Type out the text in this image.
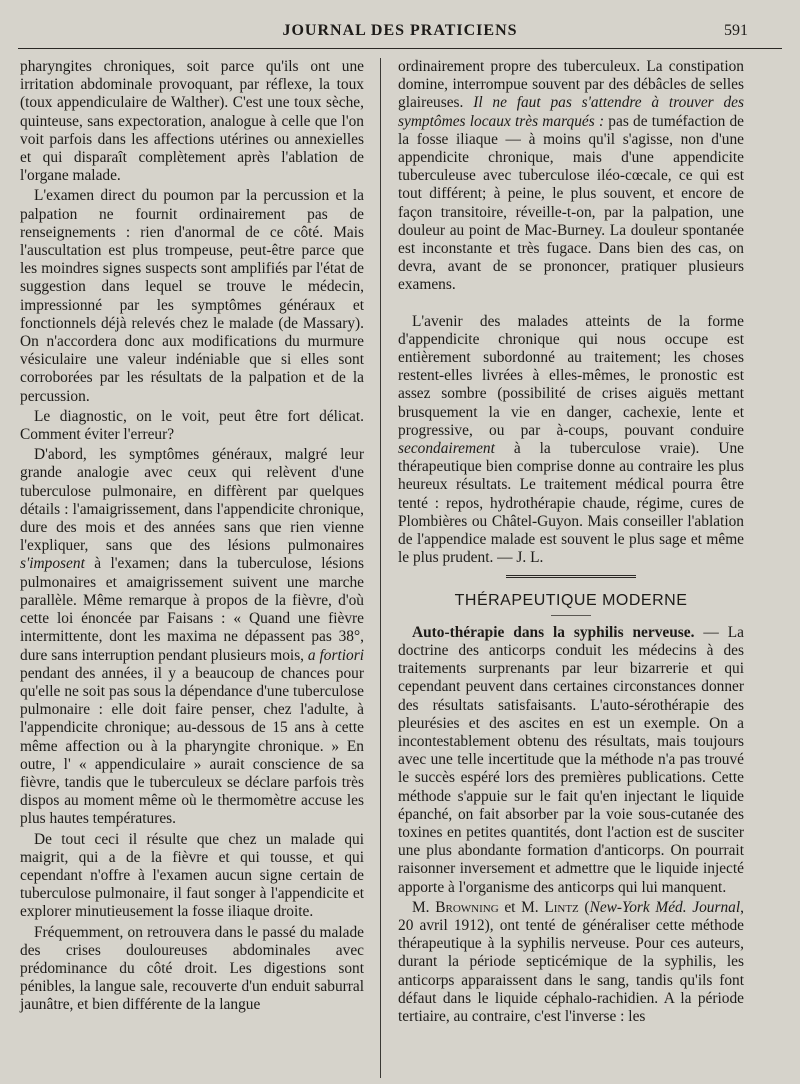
JOURNAL DES PRATICIENS	591

pharyngites chroniques, soit parce qu'ils ont une irritation abdominale provoquant, par réflexe, la toux (toux appendiculaire de Walther). C'est une toux sèche, quinteuse, sans expectoration, analogue à celle que l'on voit parfois dans les affections utérines ou annexielles et qui disparaît complètement après l'ablation de l'organe malade.

L'examen direct du poumon par la percussion et la palpation ne fournit ordinairement pas de renseignements : rien d'anormal de ce côté. Mais l'auscultation est plus trompeuse, peut-être parce que les moindres signes suspects sont amplifiés par l'état de suggestion dans lequel se trouve le médecin, impressionné par les symptômes généraux et fonctionnels déjà relevés chez le malade (de Massary). On n'accordera donc aux modifications du murmure vésiculaire une valeur indéniable que si elles sont corroborées par les résultats de la palpation et de la percussion.

Le diagnostic, on le voit, peut être fort délicat. Comment éviter l'erreur?

D'abord, les symptômes généraux, malgré leur grande analogie avec ceux qui relèvent d'une tuberculose pulmonaire, en diffèrent par quelques détails : l'amaigrissement, dans l'appendicite chronique, dure des mois et des années sans que rien vienne l'expliquer, sans que des lésions pulmonaires s'imposent à l'examen; dans la tuberculose, lésions pulmonaires et amaigrissement suivent une marche parallèle. Même remarque à propos de la fièvre, d'où cette loi énoncée par Faisans : « Quand une fièvre intermittente, dont les maxima ne dépassent pas 38°, dure sans interruption pendant plusieurs mois, a fortiori pendant des années, il y a beaucoup de chances pour qu'elle ne soit pas sous la dépendance d'une tuberculose pulmonaire : elle doit faire penser, chez l'adulte, à l'appendicite chronique; au-dessous de 15 ans à cette même affection ou à la pharyngite chronique. » En outre, l' « appendiculaire » aurait conscience de sa fièvre, tandis que le tuberculeux se déclare parfois très dispos au moment même où le thermomètre accuse les plus hautes températures.

De tout ceci il résulte que chez un malade qui maigrit, qui a de la fièvre et qui tousse, et qui cependant n'offre à l'examen aucun signe certain de tuberculose pulmonaire, il faut songer à l'appendicite et explorer minutieusement la fosse iliaque droite.

Fréquemment, on retrouvera dans le passé du malade des crises douloureuses abdominales avec prédominance du côté droit. Les digestions sont pénibles, la langue sale, recouverte d'un enduit saburral jaunâtre, et bien différente de la langue

ordinairement propre des tuberculeux. La constipation domine, interrompue souvent par des débâcles de selles glaireuses. Il ne faut pas s'attendre à trouver des symptômes locaux très marqués : pas de tuméfaction de la fosse iliaque — à moins qu'il s'agisse, non d'une appendicite chronique, mais d'une appendicite tuberculeuse avec tuberculose iléo-cœcale, ce qui est tout différent; à peine, le plus souvent, et encore de façon transitoire, réveille-t-on, par la palpation, une douleur au point de Mac-Burney. La douleur spontanée est inconstante et très fugace. Dans bien des cas, on devra, avant de se prononcer, pratiquer plusieurs examens.

L'avenir des malades atteints de la forme d'appendicite chronique qui nous occupe est entièrement subordonné au traitement; les choses restent-elles livrées à elles-mêmes, le pronostic est assez sombre (possibilité de crises aiguës mettant brusquement la vie en danger, cachexie, lente et progressive, ou par à-coups, pouvant conduire secondairement à la tuberculose vraie). Une thérapeutique bien comprise donne au contraire les plus heureux résultats. Le traitement médical pourra être tenté : repos, hydrothérapie chaude, régime, cures de Plombières ou Châtel-Guyon. Mais conseiller l'ablation de l'appendice malade est souvent le plus sage et même le plus prudent. — J. L.

THÉRAPEUTIQUE MODERNE

Auto-thérapie dans la syphilis nerveuse. — La doctrine des anticorps conduit les médecins à des traitements surprenants par leur bizarrerie et qui cependant peuvent dans certaines circonstances donner des résultats satisfaisants. L'auto-sérothérapie des pleurésies et des ascites en est un exemple. On a incontestablement obtenu des résultats, mais toujours avec une telle incertitude que la méthode n'a pas trouvé le succès espéré lors des premières publications. Cette méthode s'appuie sur le fait qu'en injectant le liquide épanché, on fait absorber par la voie sous-cutanée des toxines en petites quantités, dont l'action est de susciter une plus abondante formation d'anticorps. On pourrait raisonner inversement et admettre que le liquide injecté apporte à l'organisme des anticorps qui lui manquent.

M. Browning et M. Lintz (New-York Méd. Journal, 20 avril 1912), ont tenté de généraliser cette méthode thérapeutique à la syphilis nerveuse. Pour ces auteurs, durant la période septicémique de la syphilis, les anticorps apparaissent dans le sang, tandis qu'ils font défaut dans le liquide céphalo-rachidien. A la période tertiaire, au contraire, c'est l'inverse : les
